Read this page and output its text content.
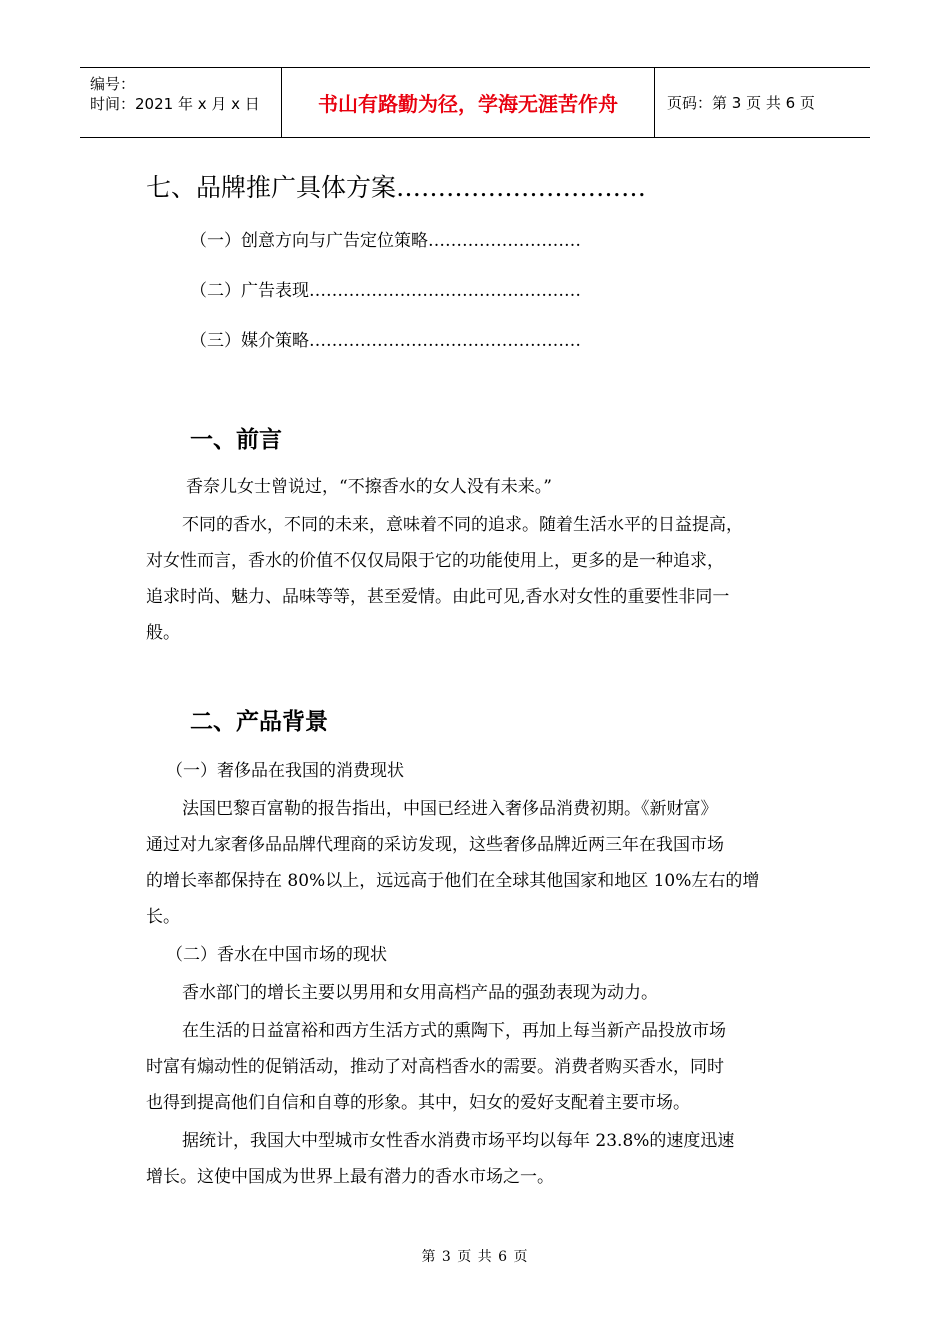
编号：
时间：2021 年 x 月 x 日	书山有路勤为径，学海无涯苦作舟	页码：第 3 页 共 6 页
七、品牌推广具体方案…………………………
（一）创意方向与广告定位策略………………………
（二）广告表现…………………………………………
（三）媒介策略…………………………………………
一、前言
香奈儿女士曾说过，“不擦香水的女人没有未来。”
不同的香水，不同的未来，意味着不同的追求。随着生活水平的日益提高，
对女性而言，香水的价值不仅仅局限于它的功能使用上，更多的是一种追求，
追求时尚、魅力、品味等等，甚至爱情。由此可见,香水对女性的重要性非同一
般。
二、产品背景
（一）奢侈品在我国的消费现状
法国巴黎百富勒的报告指出，中国已经进入奢侈品消费初期。《新财富》
通过对九家奢侈品品牌代理商的采访发现，这些奢侈品牌近两三年在我国市场
的增长率都保持在 80%以上，远远高于他们在全球其他国家和地区 10%左右的增
长。
（二）香水在中国市场的现状
香水部门的增长主要以男用和女用高档产品的强劲表现为动力。
在生活的日益富裕和西方生活方式的熏陶下，再加上每当新产品投放市场
时富有煽动性的促销活动，推动了对高档香水的需要。消费者购买香水，同时
也得到提高他们自信和自尊的形象。其中，妇女的爱好支配着主要市场。
据统计，我国大中型城市女性香水消费市场平均以每年 23.8%的速度迅速
增长。这使中国成为世界上最有潜力的香水市场之一。
第 3 页 共 6 页
